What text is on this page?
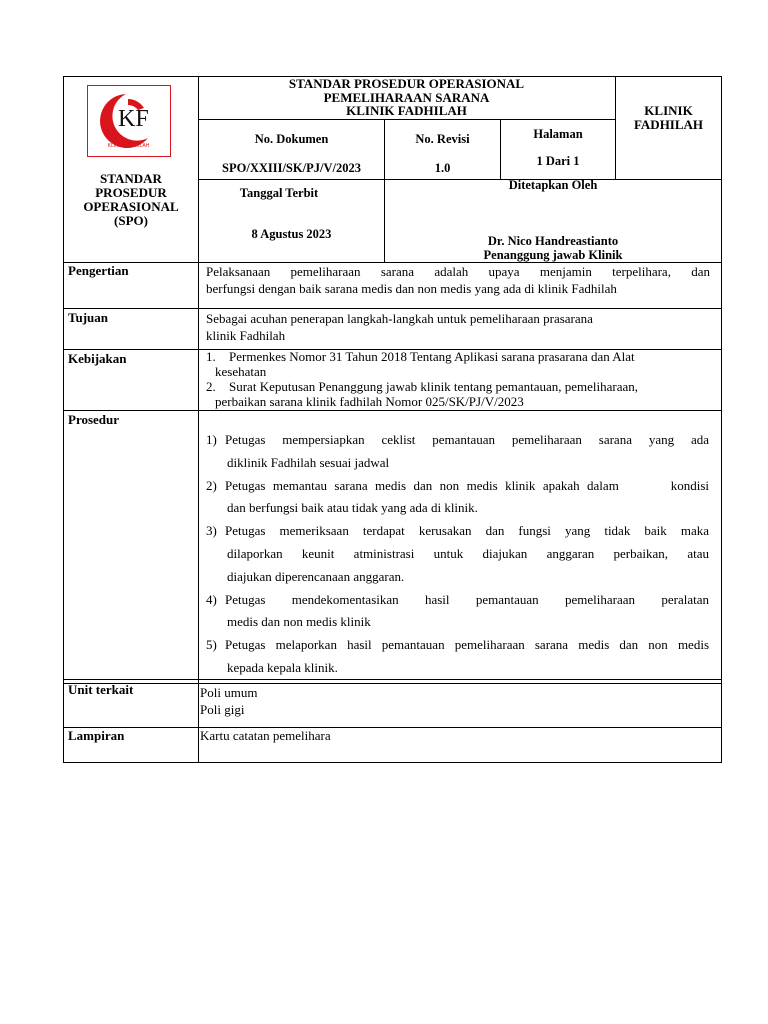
KF
KLINIK FADHILAH
STANDAR
PROSEDUR
OPERASIONAL
(SPO)
STANDAR PROSEDUR OPERASIONAL
PEMELIHARAAN SARANA
KLINIK FADHILAH	KLINIK
FADHILAH
No. Dokumen
SPO/XXIII/SK/PJ/V/2023
No. Revisi
1.0
Halaman
1 Dari 1
Tanggal Terbit
8 Agustus 2023
Ditetapkan Oleh
Dr. Nico Handreastianto
Penanggung jawab Klinik
Pengertian	Pelaksanaan pemeliharaan sarana adalah upaya menjamin terpelihara, dan
berfungsi dengan baik sarana medis dan non medis yang ada di klinik Fadhilah
Tujuan	Sebagai acuhan penerapan langkah-langkah untuk pemeliharaan prasarana
klinik Fadhilah
Kebijakan	1. Permenkes Nomor 31 Tahun 2018 Tentang Aplikasi sarana prasarana dan Alat
kesehatan
2. Surat Keputusan Penanggung jawab klinik tentang pemantauan, pemeliharaan,
perbaikan sarana klinik fadhilah Nomor 025/SK/PJ/V/2023
Prosedur
1) Petugas mempersiapkan ceklist pemantauan pemeliharaan sarana yang ada
diklinik Fadhilah sesuai jadwal
2) Petugas memantau sarana medis dan non medis klinik apakah dalam       kondisi
dan berfungsi baik atau tidak yang ada di klinik.
3) Petugas memeriksaan terdapat kerusakan dan fungsi yang tidak baik maka
dilaporkan keunit atministrasi untuk diajukan anggaran perbaikan, atau
diajukan diperencanaan anggaran.
4) Petugas mendekomentasikan hasil pemantauan pemeliharaan peralatan
medis dan non medis klinik
5) Petugas melaporkan hasil pemantauan pemeliharaan sarana medis dan non medis
kepada kepala klinik.
Unit terkait	Poli umum
Poli gigi
Lampiran	Kartu catatan pemelihara
